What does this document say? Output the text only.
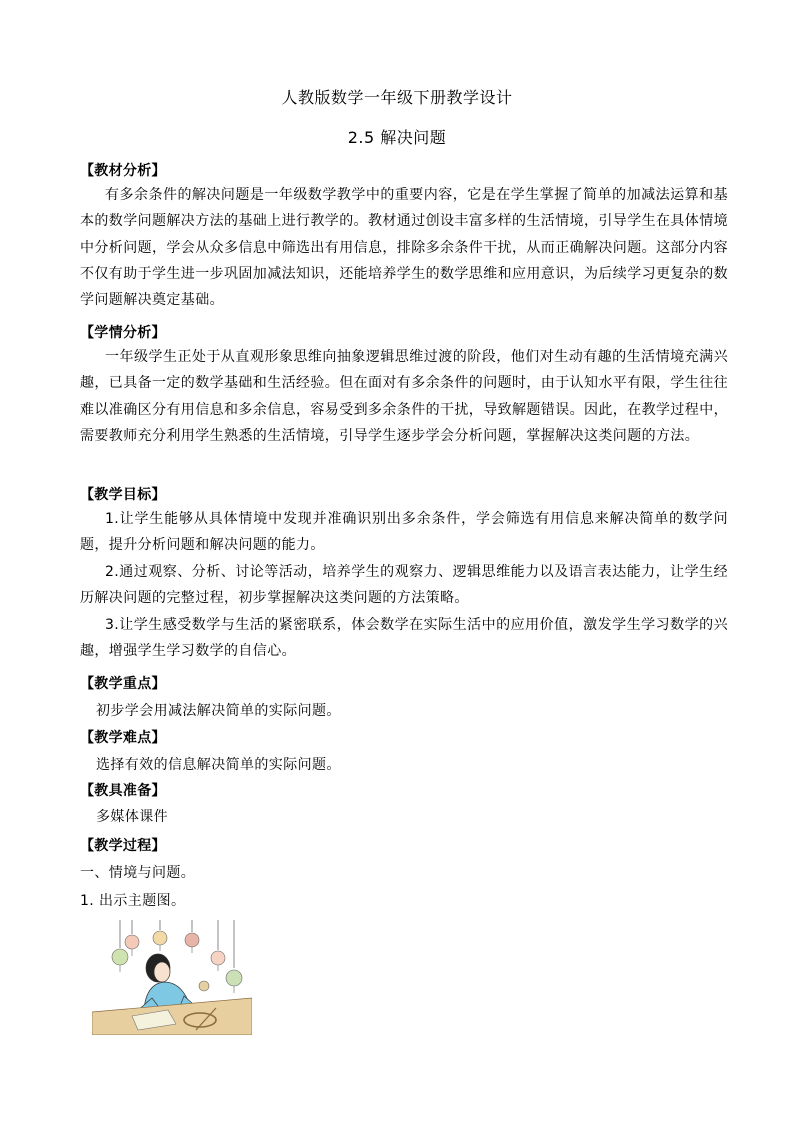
人教版数学一年级下册教学设计
2.5 解决问题
【教材分析】
有多余条件的解决问题是一年级数学教学中的重要内容，它是在学生掌握了简单的加减法运算和基本的数学问题解决方法的基础上进行教学的。教材通过创设丰富多样的生活情境，引导学生在具体情境中分析问题，学会从众多信息中筛选出有用信息，排除多余条件干扰，从而正确解决问题。这部分内容不仅有助于学生进一步巩固加减法知识，还能培养学生的数学思维和应用意识，为后续学习更复杂的数学问题解决奠定基础。
【学情分析】
一年级学生正处于从直观形象思维向抽象逻辑思维过渡的阶段，他们对生动有趣的生活情境充满兴趣，已具备一定的数学基础和生活经验。但在面对有多余条件的问题时，由于认知水平有限，学生往往难以准确区分有用信息和多余信息，容易受到多余条件的干扰，导致解题错误。因此，在教学过程中，需要教师充分利用学生熟悉的生活情境，引导学生逐步学会分析问题，掌握解决这类问题的方法。
【教学目标】
1.让学生能够从具体情境中发现并准确识别出多余条件，学会筛选有用信息来解决简单的数学问题，提升分析问题和解决问题的能力。
2.通过观察、分析、讨论等活动，培养学生的观察力、逻辑思维能力以及语言表达能力，让学生经历解决问题的完整过程，初步掌握解决这类问题的方法策略。
3.让学生感受数学与生活的紧密联系，体会数学在实际生活中的应用价值，激发学生学习数学的兴趣，增强学生学习数学的自信心。
【教学重点】
初步学会用减法解决简单的实际问题。
【教学难点】
选择有效的信息解决简单的实际问题。
【教具准备】
多媒体课件
【教学过程】
一、情境与问题。
1. 出示主题图。
